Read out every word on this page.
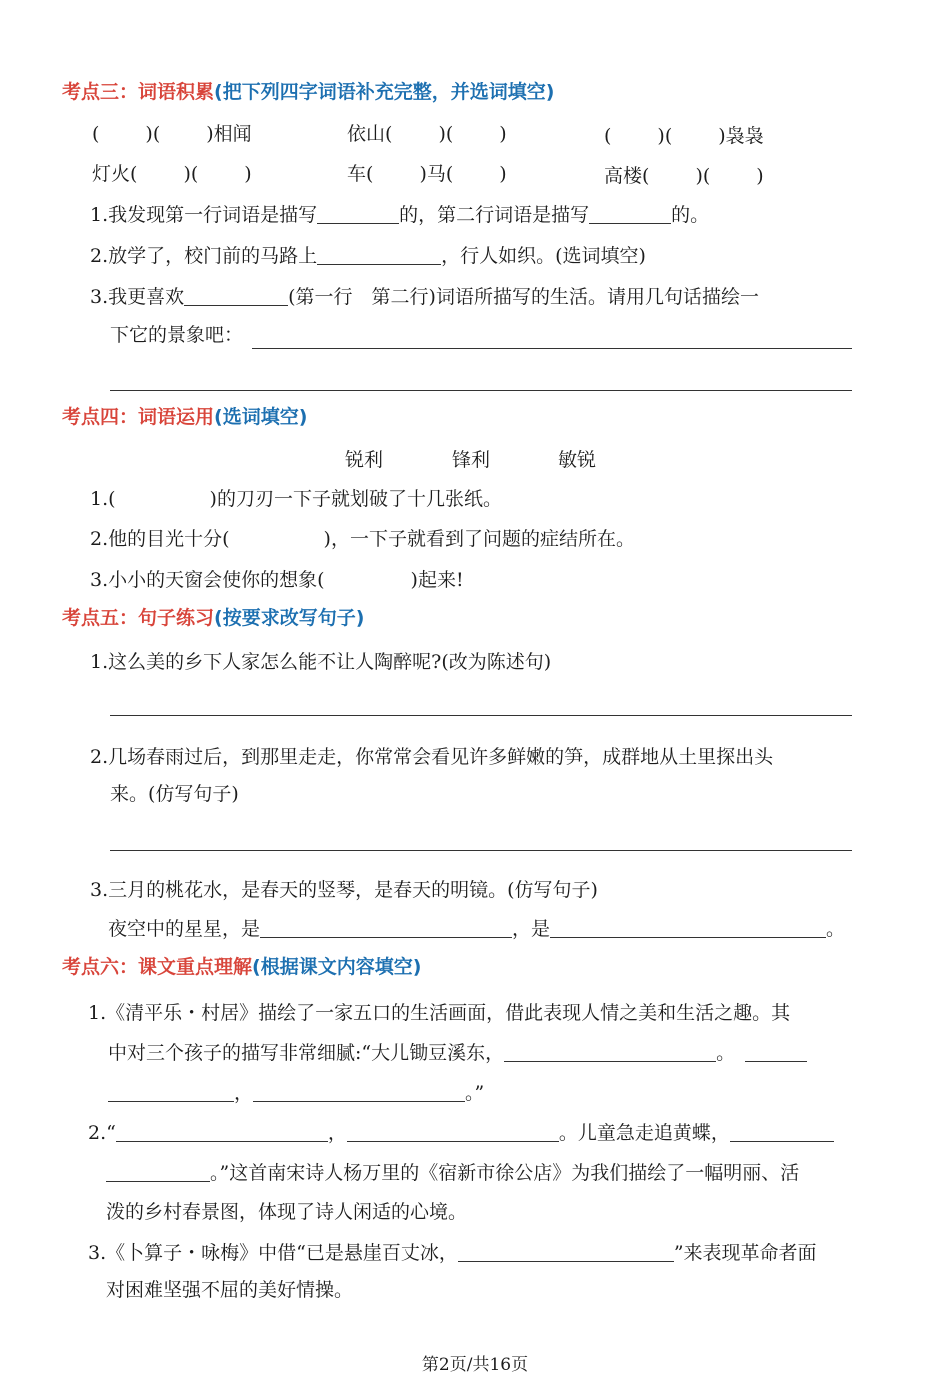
考点三：词语积累(把下列四字词语补充完整，并选词填空)
( )( )相闻	依山( )( )	( )( )袅袅
灯火( )( )	车( )马( )	高楼( )( )
1.我发现第一行词语是描写	的，第二行词语是描写	的。
2.放学了，校门前的马路上	，行人如织。(选词填空)
3.我更喜欢	(第一行　第二行)词语所描写的生活。请用几句话描绘一
下它的景象吧：
考点四：词语运用(选词填空)
锐利	锋利	敏锐
1.(	)的刀刃一下子就划破了十几张纸。
2.他的目光十分(	)，一下子就看到了问题的症结所在。
3.小小的天窗会使你的想象(	)起来!
考点五：句子练习(按要求改写句子)
1.这么美的乡下人家怎么能不让人陶醉呢?(改为陈述句)
2.几场春雨过后，到那里走走，你常常会看见许多鲜嫩的笋，成群地从土里探出头
来。(仿写句子)
3.三月的桃花水，是春天的竖琴，是春天的明镜。(仿写句子)
夜空中的星星，是	，是	。
考点六：课文重点理解(根据课文内容填空)
1.《清平乐・村居》描绘了一家五口的生活画面，借此表现人情之美和生活之趣。其
中对三个孩子的描写非常细腻:“大儿锄豆溪东，	。
，	。”
2.“	，	。儿童急走追黄蝶，
。”这首南宋诗人杨万里的《宿新市徐公店》为我们描绘了一幅明丽、活
泼的乡村春景图，体现了诗人闲适的心境。
3.《卜算子・咏梅》中借“已是悬崖百丈冰，	”来表现革命者面
对困难坚强不屈的美好情操。
第2页/共16页
